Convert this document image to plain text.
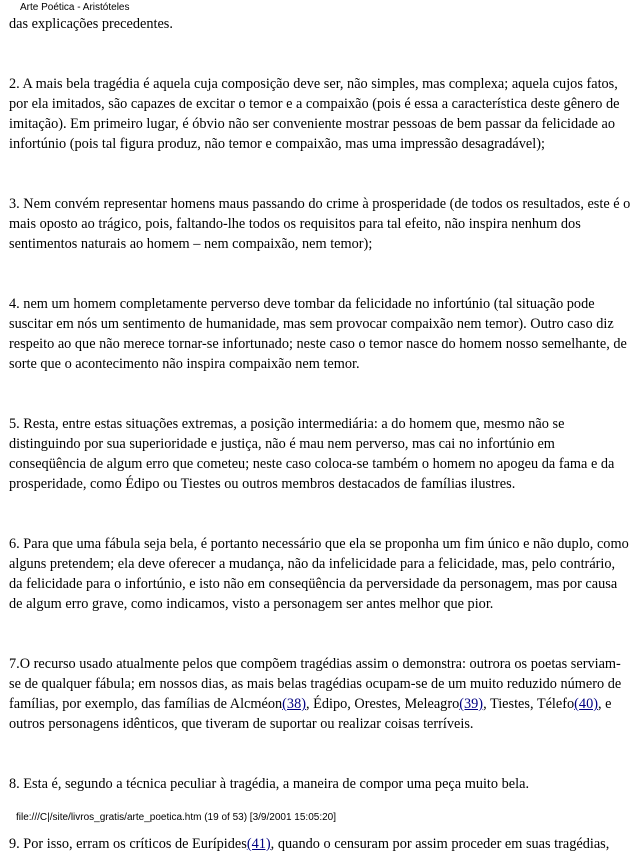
Arte Poética - Aristóteles

das explicações precedentes.

2. A mais bela tragédia é aquela cuja composição deve ser, não simples, mas complexa; aquela cujos fatos, por ela imitados, são capazes de excitar o temor e a compaixão (pois é essa a característica deste gênero de imitação). Em primeiro lugar, é óbvio não ser conveniente mostrar pessoas de bem passar da felicidade ao infortúnio (pois tal figura produz, não temor e compaixão, mas uma impressão desagradável);

3. Nem convém representar homens maus passando do crime à prosperidade (de todos os resultados, este é o mais oposto ao trágico, pois, faltando-lhe todos os requisitos para tal efeito, não inspira nenhum dos sentimentos naturais ao homem – nem compaixão, nem temor);

4. nem um homem completamente perverso deve tombar da felicidade no infortúnio (tal situação pode suscitar em nós um sentimento de humanidade, mas sem provocar compaixão nem temor). Outro caso diz respeito ao que não merece tornar-se infortunado; neste caso o temor nasce do homem nosso semelhante, de sorte que o acontecimento não inspira compaixão nem temor.

5. Resta, entre estas situações extremas, a posição intermediária: a do homem que, mesmo não se distinguindo por sua superioridade e justiça, não é mau nem perverso, mas cai no infortúnio em conseqüência de algum erro que cometeu; neste caso coloca-se também o homem no apogeu da fama e da prosperidade, como Édipo ou Tiestes ou outros membros destacados de famílias ilustres.

6. Para que uma fábula seja bela, é portanto necessário que ela se proponha um fim único e não duplo, como alguns pretendem; ela deve oferecer a mudança, não da infelicidade para a felicidade, mas, pelo contrário, da felicidade para o infortúnio, e isto não em conseqüência da perversidade da personagem, mas por causa de algum erro grave, como indicamos, visto a personagem ser antes melhor que pior.

7.O recurso usado atualmente pelos que compõem tragédias assim o demonstra: outrora os poetas serviam-se de qualquer fábula; em nossos dias, as mais belas tragédias ocupam-se de um muito reduzido número de famílias, por exemplo, das famílias de Alcméon(38), Édipo, Orestes, Meleagro(39), Tiestes, Télefo(40), e outros personagens idênticos, que tiveram de suportar ou realizar coisas terríveis.

8. Esta é, segundo a técnica peculiar à tragédia, a maneira de compor uma peça muito bela.

9. Por isso, erram os críticos de Eurípides(41), quando o censuram por assim proceder em suas tragédias,

file:///C|/site/livros_gratis/arte_poetica.htm (19 of 53) [3/9/2001 15:05:20]
